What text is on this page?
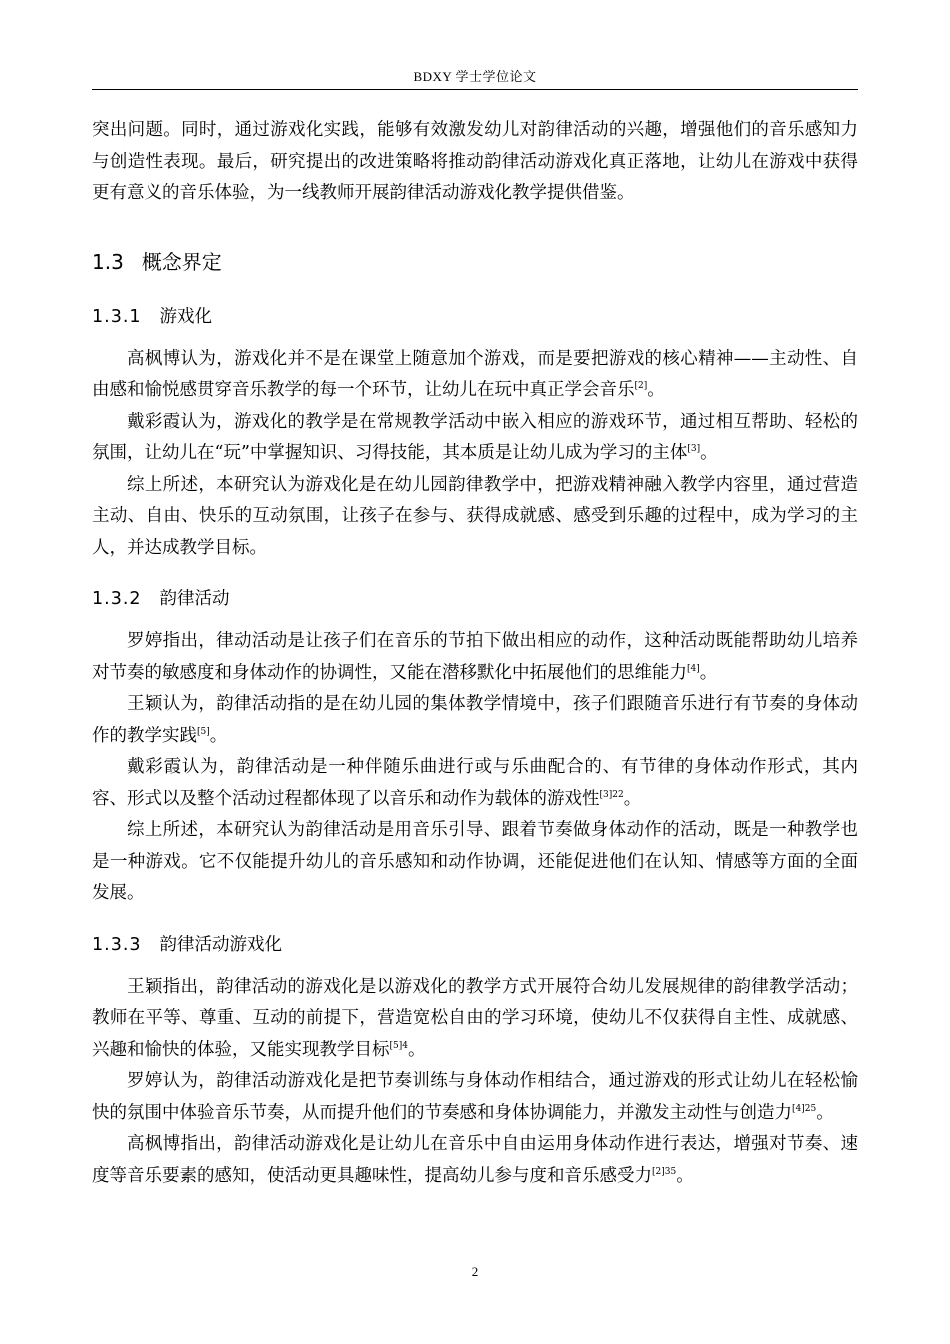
BDXY 学士学位论文

突出问题。同时，通过游戏化实践，能够有效激发幼儿对韵律活动的兴趣，增强他们的音乐感知力与创造性表现。最后，研究提出的改进策略将推动韵律活动游戏化真正落地，让幼儿在游戏中获得更有意义的音乐体验，为一线教师开展韵律活动游戏化教学提供借鉴。

1.3 概念界定
1.3.1 游戏化

高枫博认为，游戏化并不是在课堂上随意加个游戏，而是要把游戏的核心精神——主动性、自由感和愉悦感贯穿音乐教学的每一个环节，让幼儿在玩中真正学会音乐[2]。

戴彩霞认为，游戏化的教学是在常规教学活动中嵌入相应的游戏环节，通过相互帮助、轻松的氛围，让幼儿在“玩”中掌握知识、习得技能，其本质是让幼儿成为学习的主体[3]。

综上所述，本研究认为游戏化是在幼儿园韵律教学中，把游戏精神融入教学内容里，通过营造主动、自由、快乐的互动氛围，让孩子在参与、获得成就感、感受到乐趣的过程中，成为学习的主人，并达成教学目标。

1.3.2 韵律活动

罗婷指出，律动活动是让孩子们在音乐的节拍下做出相应的动作，这种活动既能帮助幼儿培养对节奏的敏感度和身体动作的协调性，又能在潜移默化中拓展他们的思维能力[4]。

王颖认为，韵律活动指的是在幼儿园的集体教学情境中，孩子们跟随音乐进行有节奏的身体动作的教学实践[5]。

戴彩霞认为，韵律活动是一种伴随乐曲进行或与乐曲配合的、有节律的身体动作形式，其内容、形式以及整个活动过程都体现了以音乐和动作为载体的游戏性$^{[3]22}$。

综上所述，本研究认为韵律活动是用音乐引导、跟着节奏做身体动作的活动，既是一种教学也是一种游戏。它不仅能提升幼儿的音乐感知和动作协调，还能促进他们在认知、情感等方面的全面发展。

1.3.3 韵律活动游戏化

王颖指出，韵律活动的游戏化是以游戏化的教学方式开展符合幼儿发展规律的韵律教学活动；教师在平等、尊重、互动的前提下，营造宽松自由的学习环境，使幼儿不仅获得自主性、成就感、兴趣和愉快的体验，又能实现教学目标$^{[5]4}$。

罗婷认为，韵律活动游戏化是把节奏训练与身体动作相结合，通过游戏的形式让幼儿在轻松愉快的氛围中体验音乐节奏，从而提升他们的节奏感和身体协调能力，并激发主动性与创造力$^{[4]25}$。

高枫博指出，韵律活动游戏化是让幼儿在音乐中自由运用身体动作进行表达，增强对节奏、速度等音乐要素的感知，使活动更具趣味性，提高幼儿参与度和音乐感受力$^{[2]35}$。

2
